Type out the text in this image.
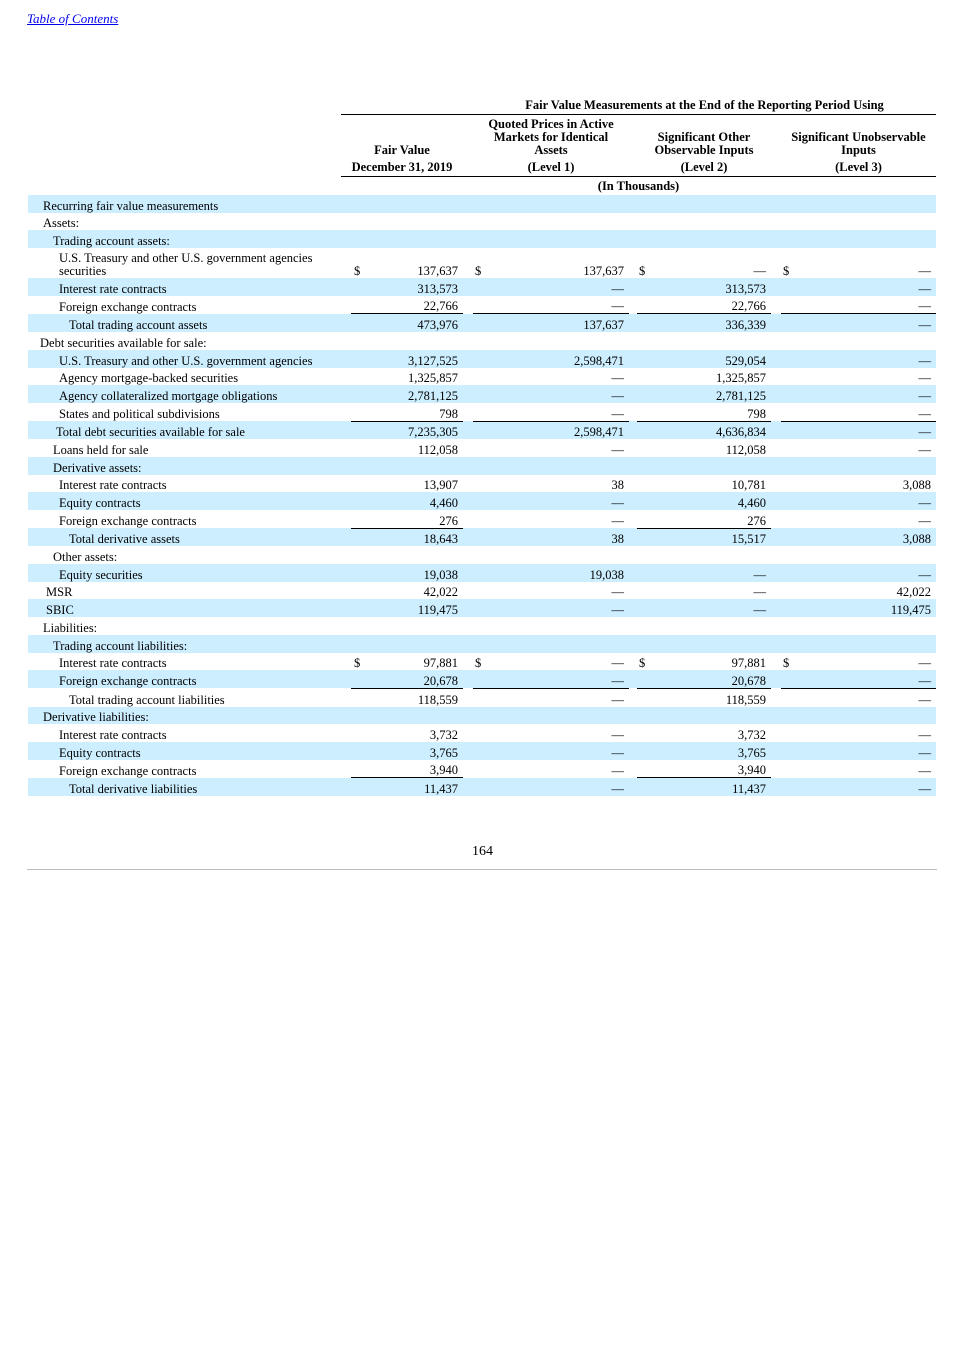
Table of Contents
Fair Value Measurements at the End of the Reporting Period Using
Fair Value
December 31, 2019
Quoted Prices in Active
Markets for Identical
Assets
(Level 1)
Significant Other
Observable Inputs
(Level 2)
Significant Unobservable
Inputs
(Level 3)
(In Thousands)
Recurring fair value measurements											
Assets:											
Trading account assets:											

U.S. Treasury and other U.S. government agencies
securities		$ 137,637		$	137,637		$	—		$	—
Interest rate contracts		313,573			—			313,573			—
Foreign exchange contracts		22,766			—			22,766			—
Total trading account assets		473,976			137,637			336,339			—
Debt securities available for sale:											
U.S. Treasury and other U.S. government agencies		3,127,525			2,598,471			529,054			—
Agency mortgage-backed securities		1,325,857			—			1,325,857			—
Agency collateralized mortgage obligations		2,781,125			—			2,781,125			—
States and political subdivisions		798			—			798			—
Total debt securities available for sale		7,235,305			2,598,471			4,636,834			—
Loans held for sale		112,058			—			112,058			—
Derivative assets:											
Interest rate contracts		13,907			38			10,781			3,088
Equity contracts		4,460			—			4,460			—
Foreign exchange contracts		276			—			276			—
Total derivative assets		18,643			38			15,517			3,088
Other assets:											
Equity securities		19,038			19,038			—			—
MSR		42,022			—			—			42,022
SBIC		119,475			—			—			119,475
Liabilities:											
Trading account liabilities:											
Interest rate contracts		$ 97,881		$	—		$	97,881		$	—
Foreign exchange contracts		20,678			—			20,678			—
Total trading account liabilities		118,559			—			118,559			—
Derivative liabilities:											
Interest rate contracts		3,732			—			3,732			—
Equity contracts		3,765			—			3,765			—
Foreign exchange contracts		3,940			—			3,940			—
Total derivative liabilities		11,437			—			11,437			—
164
